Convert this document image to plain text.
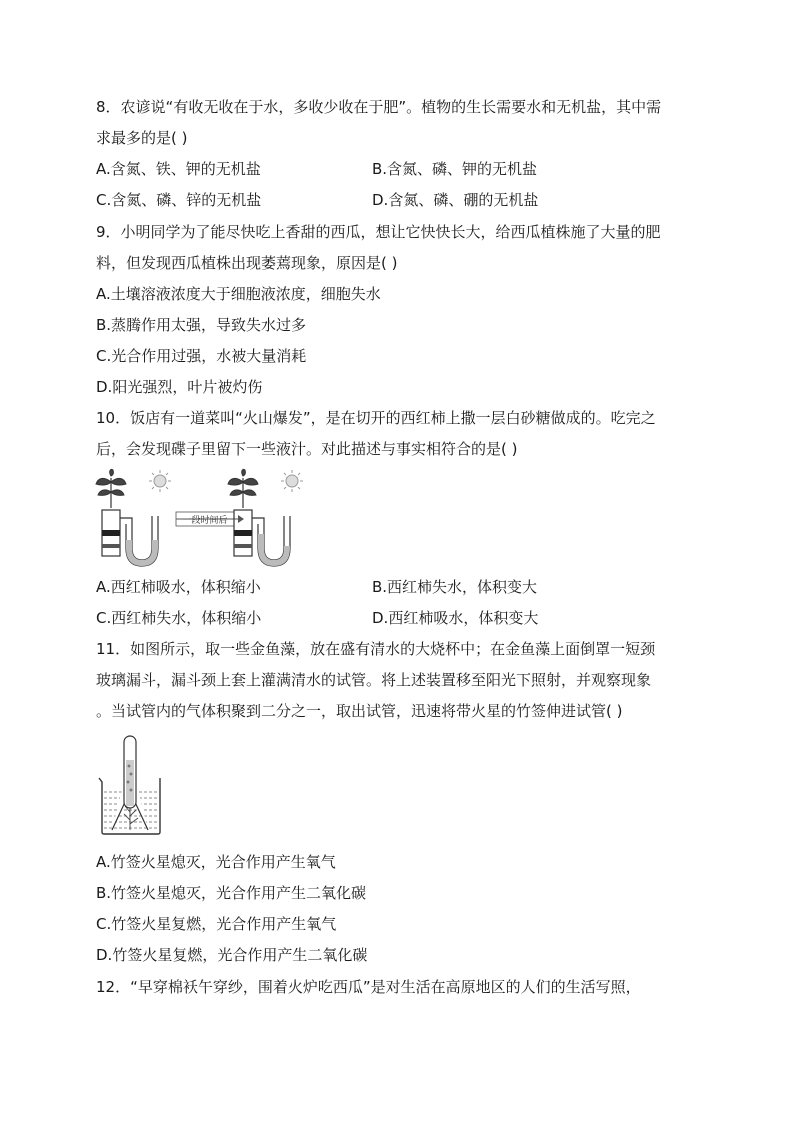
8．农谚说“有收无收在于水，多收少收在于肥”。植物的生长需要水和无机盐，其中需
求最多的是( )
A.含氮、铁、钾的无机盐	B.含氮、磷、钾的无机盐
C.含氮、磷、锌的无机盐	D.含氮、磷、硼的无机盐
9．小明同学为了能尽快吃上香甜的西瓜，想让它快快长大，给西瓜植株施了大量的肥
料，但发现西瓜植株出现萎蔫现象，原因是( )
A.土壤溶液浓度大于细胞液浓度，细胞失水
B.蒸腾作用太强，导致失水过多
C.光合作用过强，水被大量消耗
D.阳光强烈，叶片被灼伤
10．饭店有一道菜叫“火山爆发”，是在切开的西红柿上撒一层白砂糖做成的。吃完之
后，会发现碟子里留下一些液汁。对此描述与事实相符合的是( )
一段时间后
A.西红柿吸水，体积缩小	B.西红柿失水，体积变大
C.西红柿失水，体积缩小	D.西红柿吸水，体积变大
11．如图所示，取一些金鱼藻，放在盛有清水的大烧杯中；在金鱼藻上面倒罩一短颈
玻璃漏斗，漏斗颈上套上灌满清水的试管。将上述装置移至阳光下照射，并观察现象
。当试管内的气体积聚到二分之一，取出试管，迅速将带火星的竹签伸进试管( )
A.竹签火星熄灭，光合作用产生氧气
B.竹签火星熄灭，光合作用产生二氧化碳
C.竹签火星复燃，光合作用产生氧气
D.竹签火星复燃，光合作用产生二氧化碳
12．“早穿棉袄午穿纱，围着火炉吃西瓜”是对生活在高原地区的人们的生活写照，
